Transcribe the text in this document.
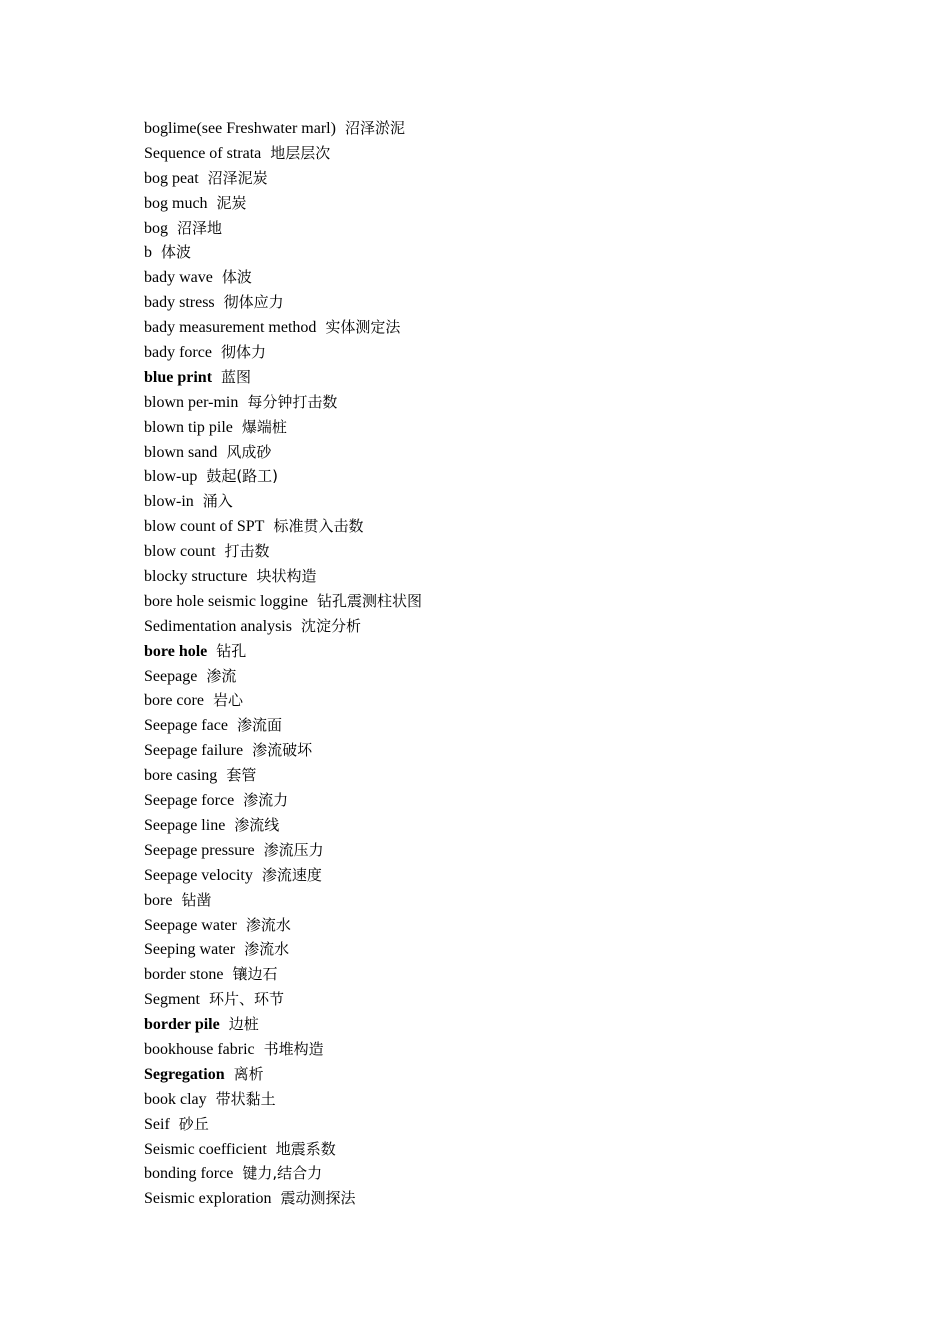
boglime(see Freshwater marl) 沼泽淤泥
Sequence of strata 地层层次
bog peat 沼泽泥炭
bog much 泥炭
bog 沼泽地
b 体波
bady wave 体波
bady stress 彻体应力
bady measurement method 实体测定法
bady force 彻体力
blue print 蓝图
blown per-min 每分钟打击数
blown tip pile 爆端桩
blown sand 风成砂
blow-up 鼓起(路工)
blow-in 涌入
blow count of SPT 标准贯入击数
blow count 打击数
blocky structure 块状构造
bore hole seismic loggine 钻孔震测柱状图
Sedimentation analysis 沈淀分析
bore hole 钻孔
Seepage 渗流
bore core 岩心
Seepage face 渗流面
Seepage failure 渗流破坏
bore casing 套管
Seepage force 渗流力
Seepage line 渗流线
Seepage pressure 渗流压力
Seepage velocity 渗流速度
bore 钻凿
Seepage water 渗流水
Seeping water 渗流水
border stone 镶边石
Segment 环片、环节
border pile 边桩
bookhouse fabric 书堆构造
Segregation 离析
book clay 带状黏土
Seif 砂丘
Seismic coefficient 地震系数
bonding force 键力,结合力
Seismic exploration 震动测探法
